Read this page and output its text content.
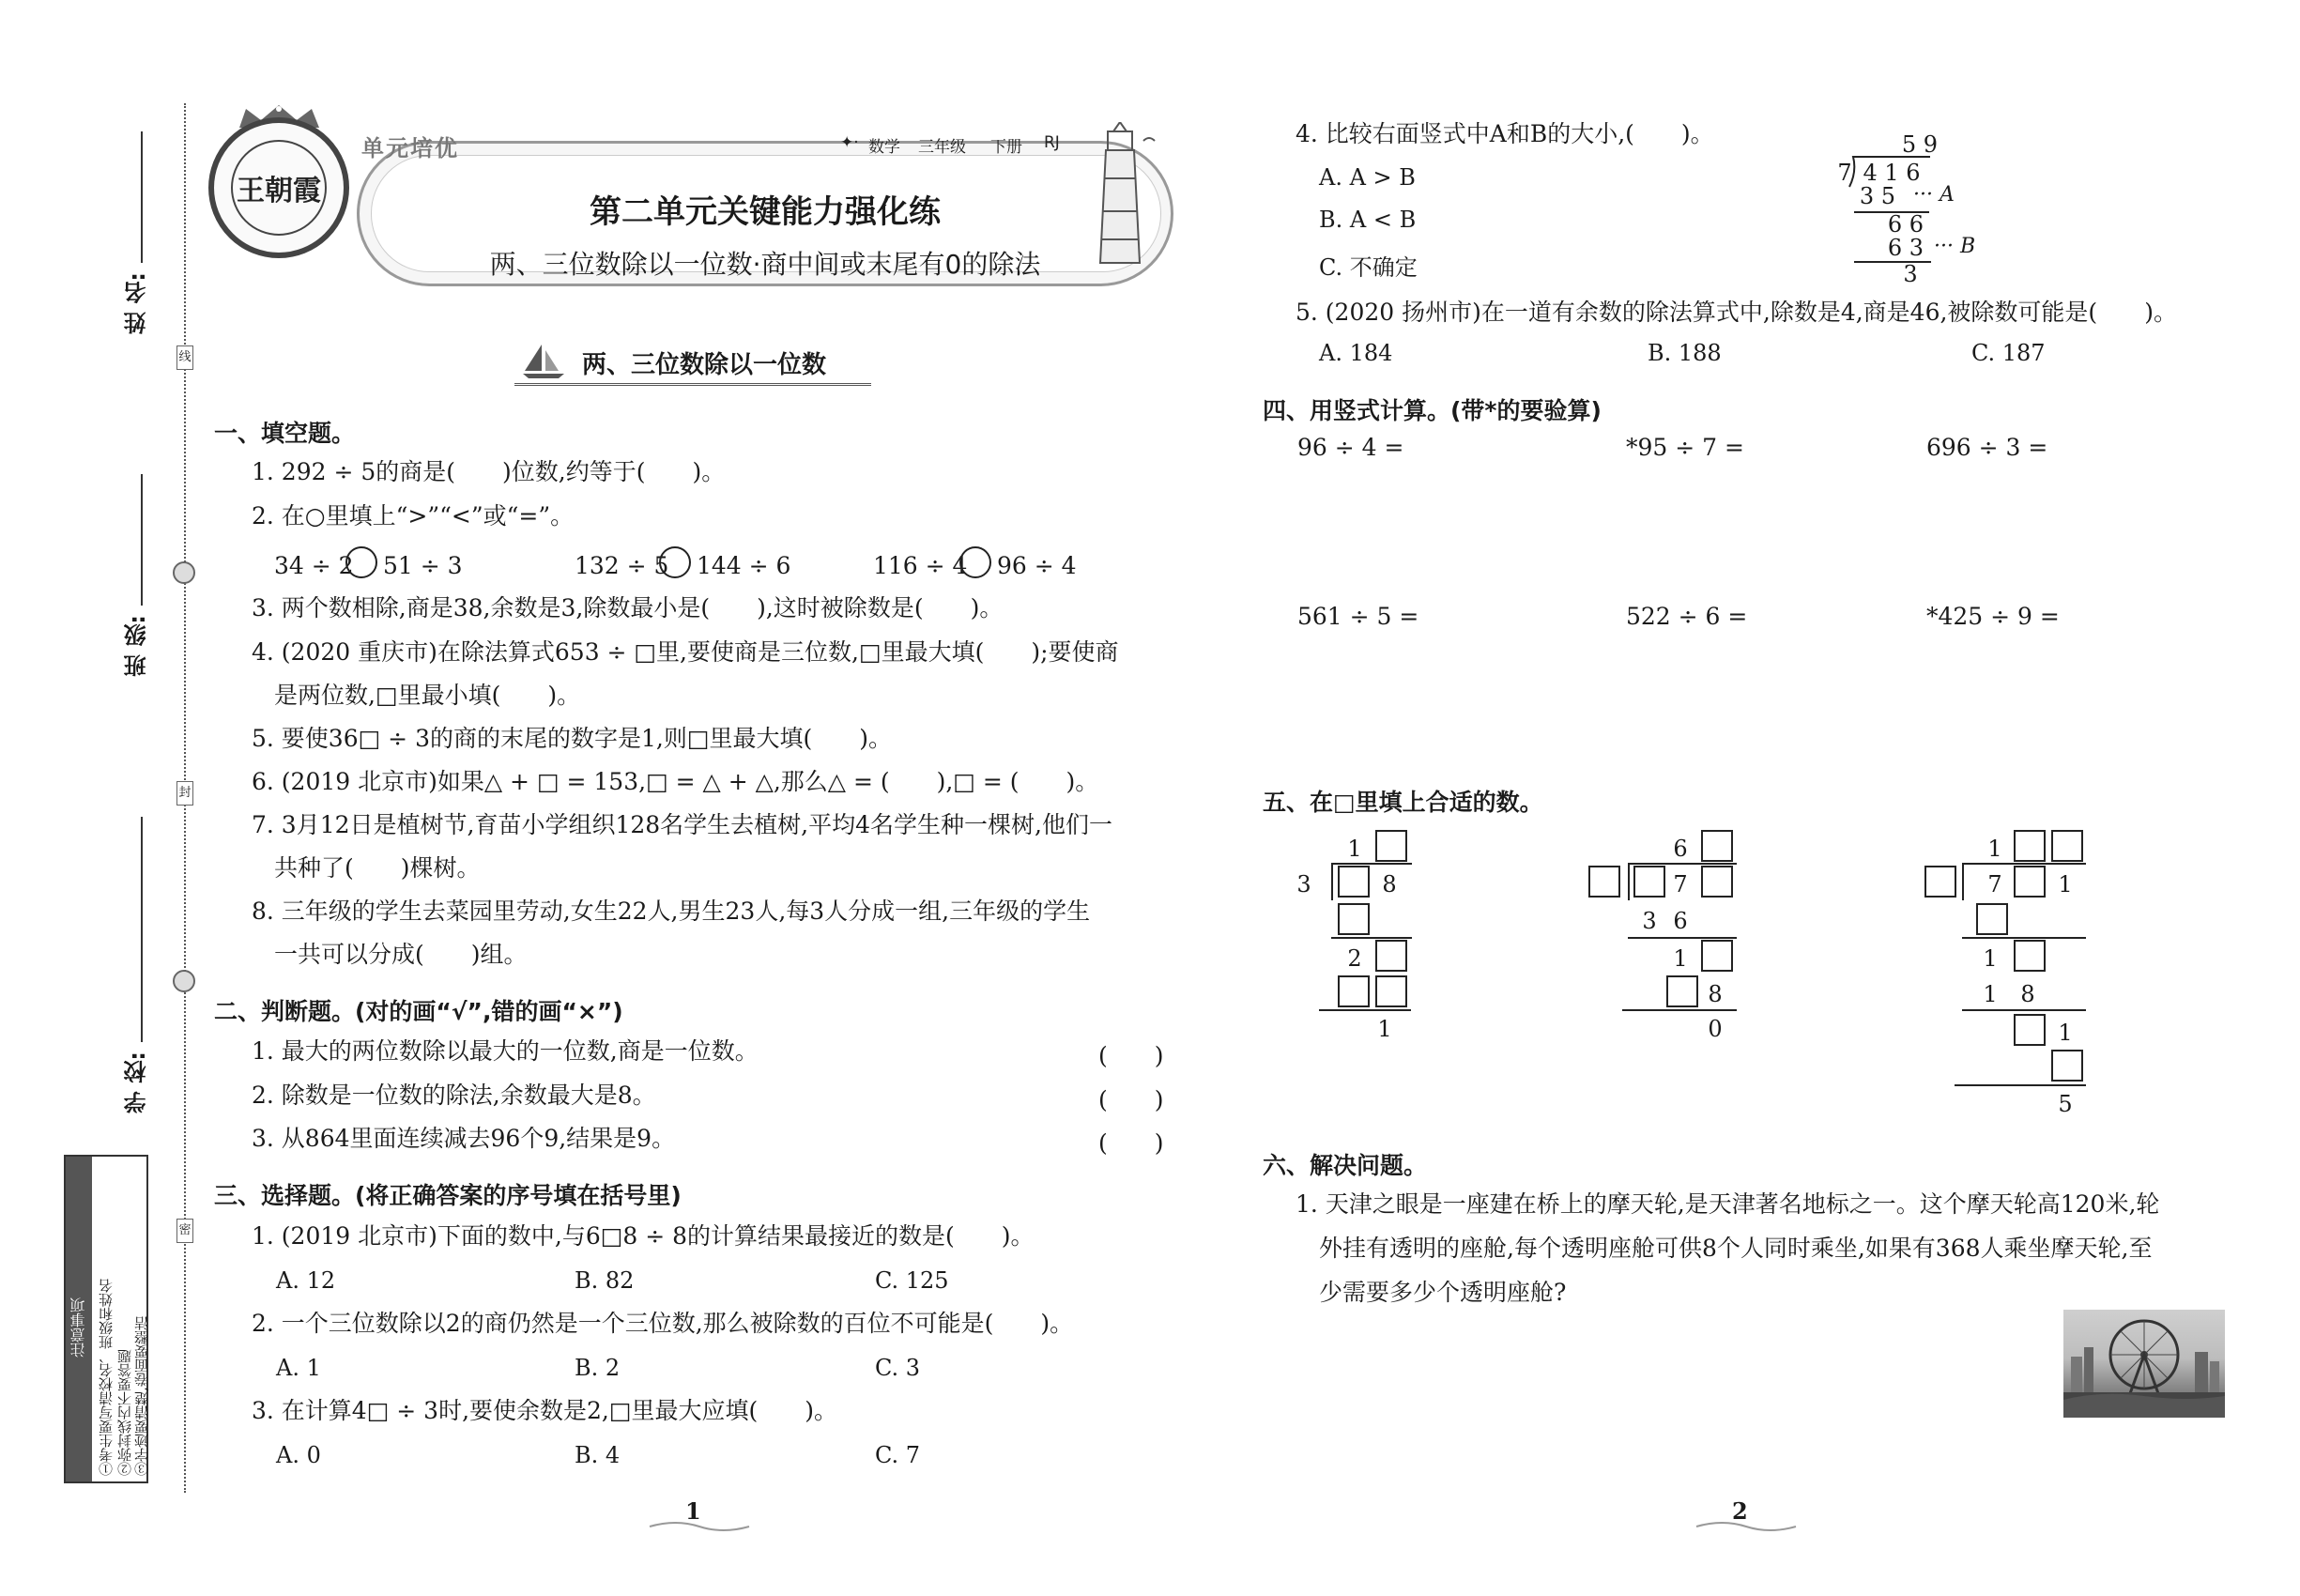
姓 名:
班 级:
学 校:
线
封
密
注意事项 ①考生要写清校名、班级和姓名 ②弥封线内不要答题 ③字迹要清楚,卷面要整洁
王朝霞
单元培优	✦· 数学 三年级 下册 RJ
第二单元关键能力强化练
两、三位数除以一位数·商中间或末尾有0的除法
两、三位数除以一位数
一、填空题。
1. 292 ÷ 5的商是(　　)位数,约等于(　　)。
2. 在○里填上“>”“<”或“=”。
34 ÷ 2 51 ÷ 3	132 ÷ 5 144 ÷ 6	116 ÷ 4 96 ÷ 4
3. 两个数相除,商是38,余数是3,除数最小是(　　),这时被除数是(　　)。
4. (2020 重庆市)在除法算式653 ÷ □里,要使商是三位数,□里最大填(　　);要使商
是两位数,□里最小填(　　)。
5. 要使36□ ÷ 3的商的末尾的数字是1,则□里最大填(　　)。
6. (2019 北京市)如果△ + □ = 153,□ = △ + △,那么△ = (　　),□ = (　　)。
7. 3月12日是植树节,育苗小学组织128名学生去植树,平均4名学生种一棵树,他们一
共种了(　　)棵树。
8. 三年级的学生去菜园里劳动,女生22人,男生23人,每3人分成一组,三年级的学生
一共可以分成(　　)组。
二、判断题。(对的画“√”,错的画“×”)
1. 最大的两位数除以最大的一位数,商是一位数。	(　　)
2. 除数是一位数的除法,余数最大是8。	(　　)
3. 从864里面连续减去96个9,结果是9。	(　　)
三、选择题。(将正确答案的序号填在括号里)
1. (2019 北京市)下面的数中,与6□8 ÷ 8的计算结果最接近的数是(　　)。
A. 12	B. 82	C. 125
2. 一个三位数除以2的商仍然是一个三位数,那么被除数的百位不可能是(　　)。
A. 1	B. 2	C. 3
3. 在计算4□ ÷ 3时,要使余数是2,□里最大应填(　　)。
A. 0	B. 4	C. 7
1
4. 比较右面竖式中A和B的大小,(　　)。
A. A > B
B. A < B
C. 不确定
5 9
7 4 1 6
3 5 ··· A
6 6
6 3 ··· B
3
5. (2020 扬州市)在一道有余数的除法算式中,除数是4,商是46,被除数可能是(　　)。
A. 184	B. 188	C. 187
四、用竖式计算。(带*的要验算)
96 ÷ 4 =	*95 ÷ 7 =	696 ÷ 3 =
561 ÷ 5 =	522 ÷ 6 =	*425 ÷ 9 =
五、在□里填上合适的数。
1
3	8
2
1
6
7
3 6
1
8
0
1
7	1
1
1	8
1
5
六、解决问题。
1. 天津之眼是一座建在桥上的摩天轮,是天津著名地标之一。这个摩天轮高120米,轮
外挂有透明的座舱,每个透明座舱可供8个人同时乘坐,如果有368人乘坐摩天轮,至
少需要多少个透明座舱?
2
